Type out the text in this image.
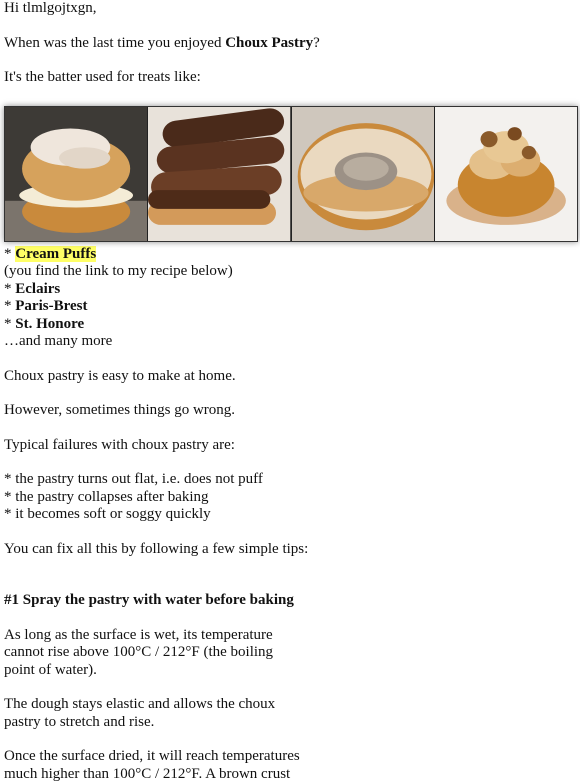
Hi tlmlgojtxgn,

When was the last time you enjoyed Choux Pastry?

It's the batter used for treats like:

* Cream Puffs

(you find the link to my recipe below)

* Eclairs

* Paris-Brest

* St. Honore

…and many more

Choux pastry is easy to make at home.

However, sometimes things go wrong.

Typical failures with choux pastry are:

* the pastry turns out flat, i.e. does not puff

* the pastry collapses after baking

* it becomes soft or soggy quickly

You can fix all this by following a few simple tips:

#1 Spray the pastry with water before baking

As long as the surface is wet, its temperature

cannot rise above 100°C / 212°F (the boiling

point of water).

The dough stays elastic and allows the choux

pastry to stretch and rise.

Once the surface dried, it will reach temperatures

much higher than 100°C / 212°F. A brown crust
